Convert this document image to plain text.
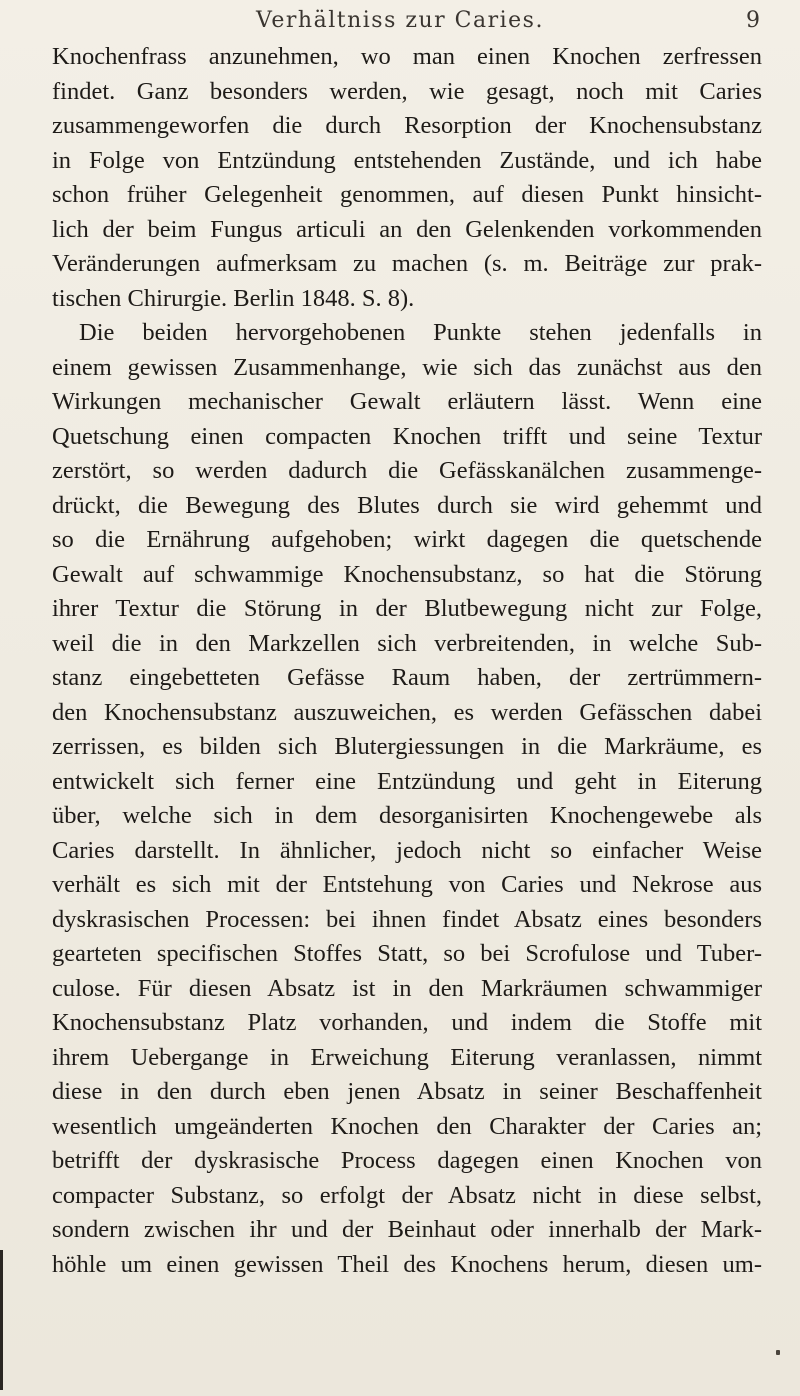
Verhältniss zur Caries.	9
Knochenfrass anzunehmen, wo man einen Knochen zerfressen
findet. Ganz besonders werden, wie gesagt, noch mit Caries
zusammengeworfen die durch Resorption der Knochensubstanz
in Folge von Entzündung entstehenden Zustände, und ich habe
schon früher Gelegenheit genommen, auf diesen Punkt hinsicht-
lich der beim Fungus articuli an den Gelenkenden vorkommenden
Veränderungen aufmerksam zu machen (s. m. Beiträge zur prak-
tischen Chirurgie. Berlin 1848. S. 8).
Die beiden hervorgehobenen Punkte stehen jedenfalls in
einem gewissen Zusammenhange, wie sich das zunächst aus den
Wirkungen mechanischer Gewalt erläutern lässt. Wenn eine
Quetschung einen compacten Knochen trifft und seine Textur
zerstört, so werden dadurch die Gefässkanälchen zusammenge-
drückt, die Bewegung des Blutes durch sie wird gehemmt und
so die Ernährung aufgehoben; wirkt dagegen die quetschende
Gewalt auf schwammige Knochensubstanz, so hat die Störung
ihrer Textur die Störung in der Blutbewegung nicht zur Folge,
weil die in den Markzellen sich verbreitenden, in welche Sub-
stanz eingebetteten Gefässe Raum haben, der zertrümmern-
den Knochensubstanz auszuweichen, es werden Gefässchen dabei
zerrissen, es bilden sich Blutergiessungen in die Markräume, es
entwickelt sich ferner eine Entzündung und geht in Eiterung
über, welche sich in dem desorganisirten Knochengewebe als
Caries darstellt. In ähnlicher, jedoch nicht so einfacher Weise
verhält es sich mit der Entstehung von Caries und Nekrose aus
dyskrasischen Processen: bei ihnen findet Absatz eines besonders
gearteten specifischen Stoffes Statt, so bei Scrofulose und Tuber-
culose. Für diesen Absatz ist in den Markräumen schwammiger
Knochensubstanz Platz vorhanden, und indem die Stoffe mit
ihrem Uebergange in Erweichung Eiterung veranlassen, nimmt
diese in den durch eben jenen Absatz in seiner Beschaffenheit
wesentlich umgeänderten Knochen den Charakter der Caries an;
betrifft der dyskrasische Process dagegen einen Knochen von
compacter Substanz, so erfolgt der Absatz nicht in diese selbst,
sondern zwischen ihr und der Beinhaut oder innerhalb der Mark-
höhle um einen gewissen Theil des Knochens herum, diesen um-
